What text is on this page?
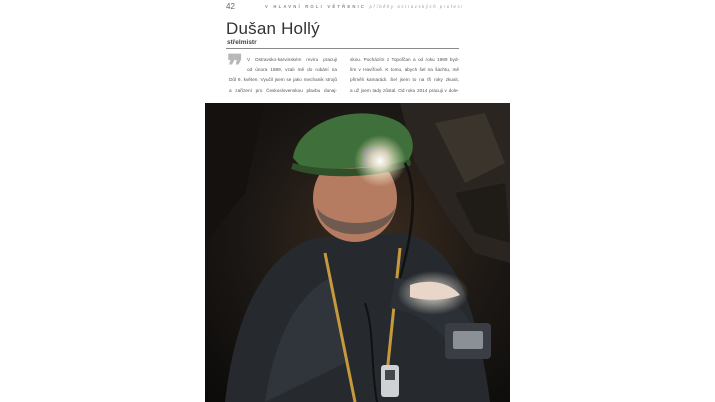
42	V HLAVNÍ ROLI VĚTŘENIC příběhy ostravských profesí
Dušan Hollý
střelmistr
❞ V Ostravsko-karvinském revíru pracuji
od února 1989, vzali mě do rubání na
Důl 9. květen. Vyučil jsem se jako mechanik strojů
a zařízení pro Československou plavbu dunaj-
skou. Pocházím z Topoľčan a od roku 1989 byd-
lím v Havířově. K tomu, abych šel na šachtu, mě
přiměli kamarádi. Šel jsem to na tři roky zkusit,
a už jsem tady zůstal. Od roku 2014 pracuji v dole-
